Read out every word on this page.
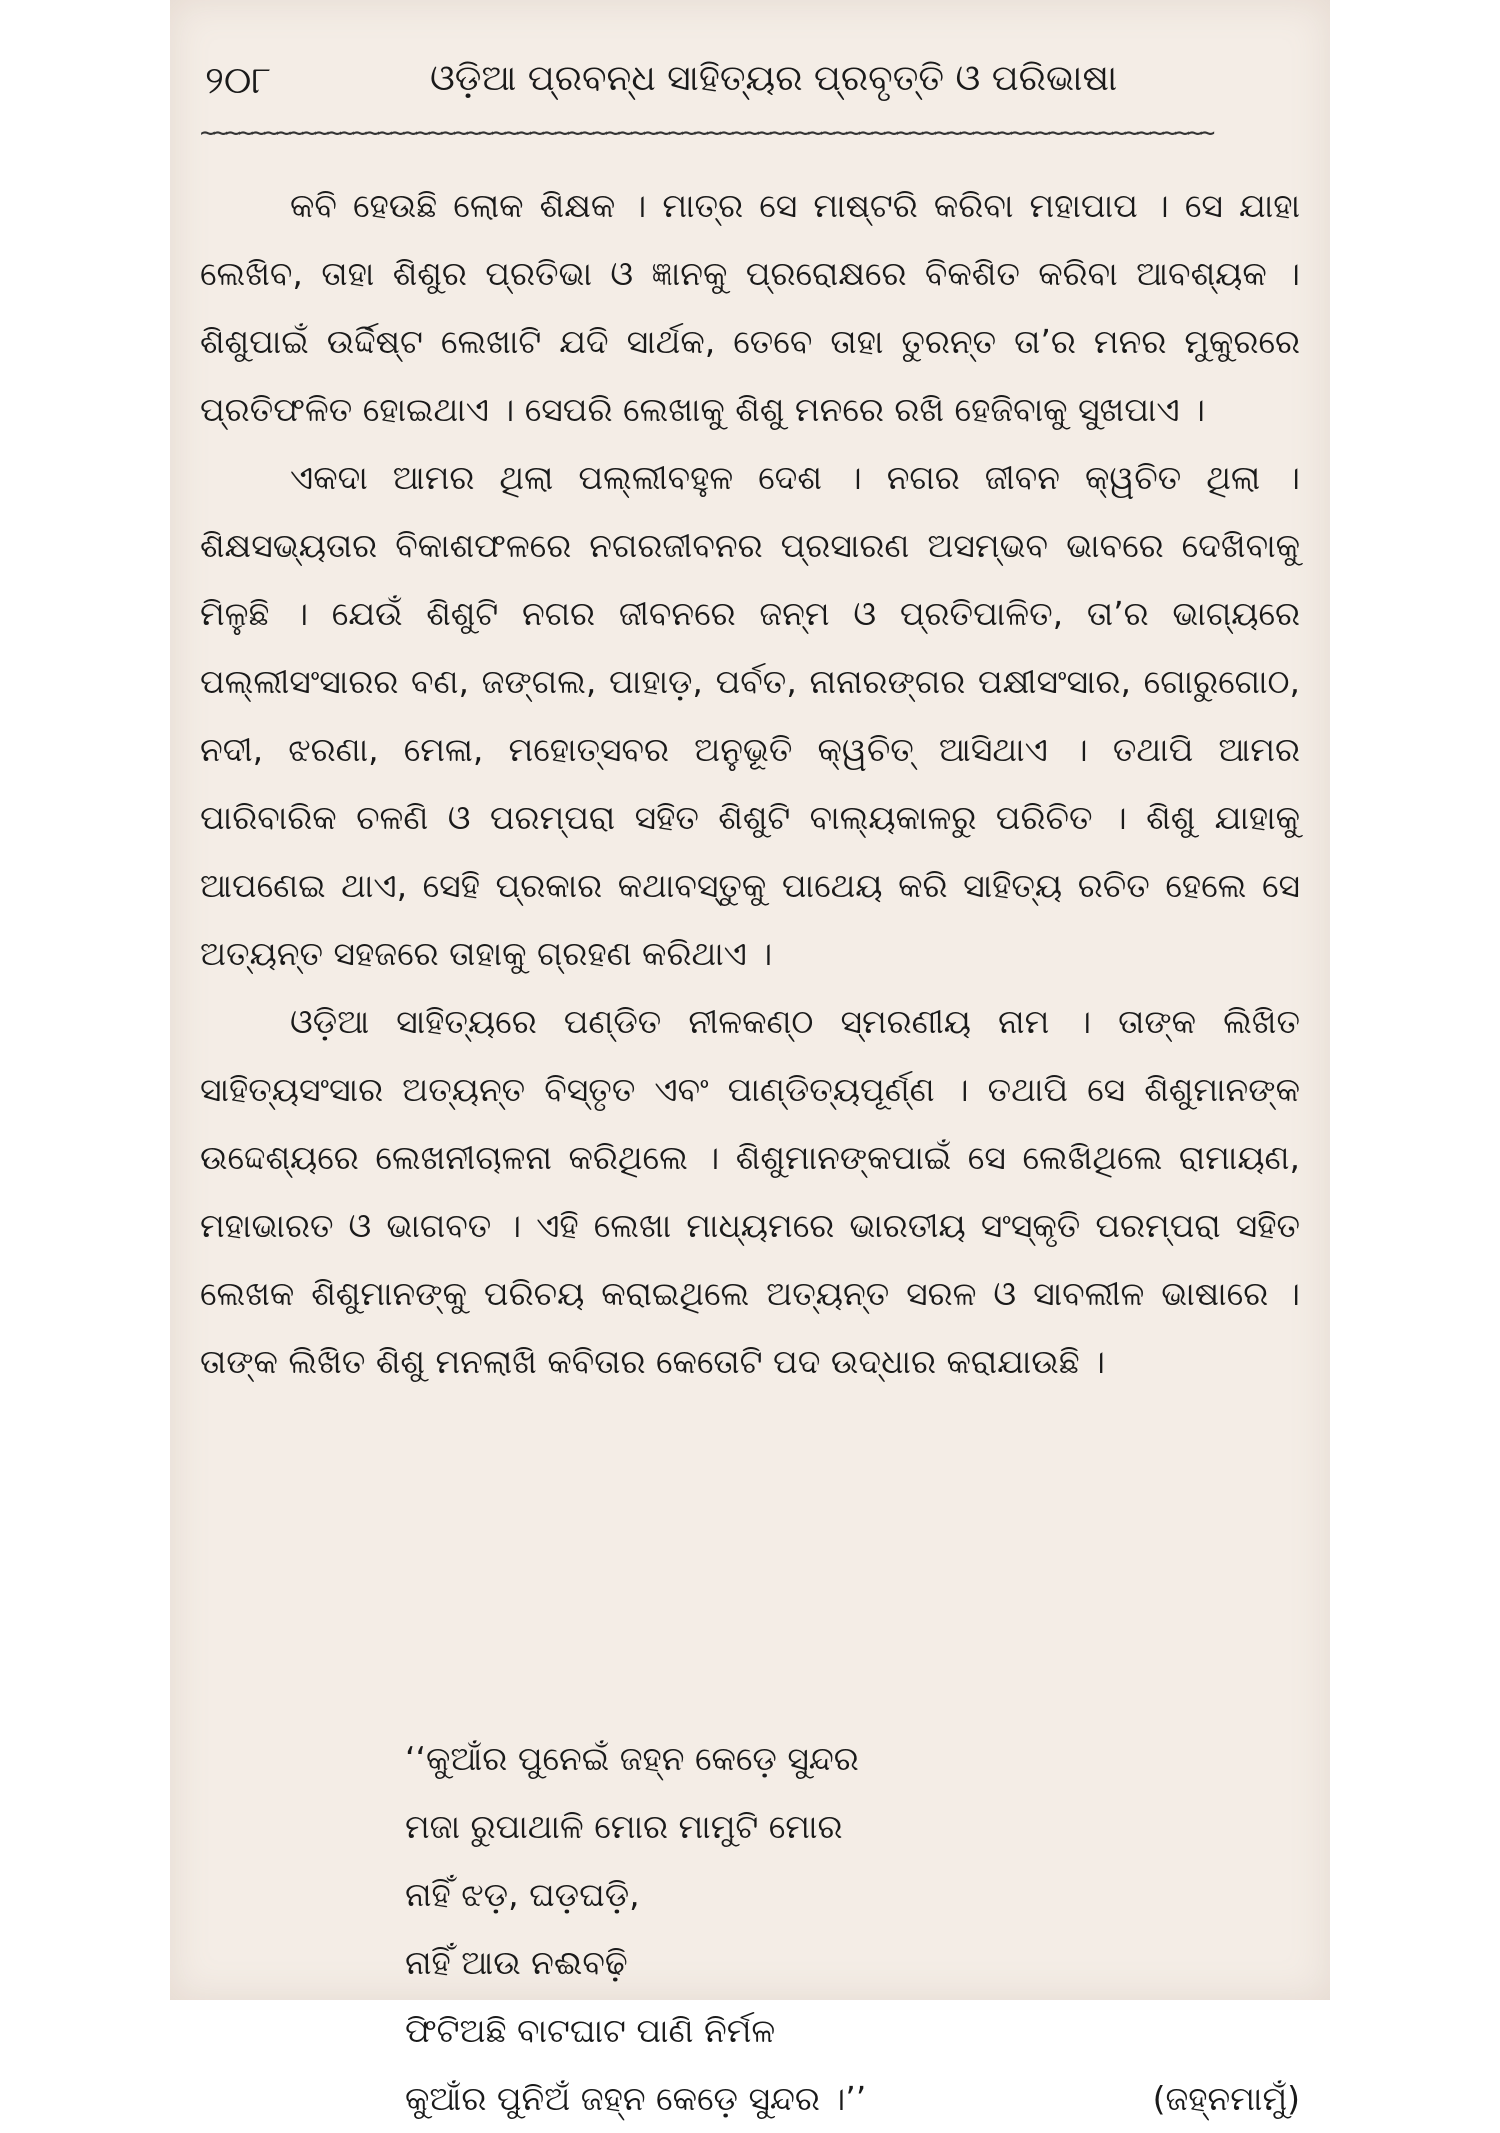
୨୦୮	ଓଡ଼ିଆ ପ୍ରବନ୍ଧ ସାହିତ୍ୟର ପ୍ରବୃତ୍ତି ଓ ପରିଭାଷା
~~~~~~~~~~~~~~~~~~~~~~~~~~~~~~~~~~~~~~~~~~~~~~~~~~~~~~~~~~~~~~~~~~~~~~~~~~~~~~~~

କବି ହେଉଛି ଲୋକ ଶିକ୍ଷକ । ମାତ୍ର ସେ ମାଷ୍ଟରି କରିବା ମହାପାପ । ସେ ଯାହା ଲେଖିବ, ତାହା ଶିଶୁର ପ୍ରତିଭା ଓ ଜ୍ଞାନକୁ ପ୍ରରୋକ୍ଷରେ ବିକଶିତ କରିବା ଆବଶ୍ୟକ । ଶିଶୁପାଇଁ ଉର୍ଦ୍ଦିଷ୍ଟ ଲେଖାଟି ଯଦି ସାର୍ଥକ, ତେବେ ତାହା ତୁରନ୍ତ ତା’ର ମନର ମୁକୁରରେ ପ୍ରତିଫଳିତ ହୋଇଥାଏ । ସେପରି ଲେଖାକୁ ଶିଶୁ ମନରେ ରଖି ହେଜିବାକୁ ସୁଖପାଏ ।

ଏକଦା ଆମର ଥିଲା ପଲ୍ଲୀବହୁଳ ଦେଶ । ନଗର ଜୀବନ କ୍ୱଚିତ ଥିଲା । ଶିକ୍ଷସଭ୍ୟତାର ବିକାଶଫଳରେ ନଗରଜୀବନର ପ୍ରସାରଣ ଅସମ୍ଭବ ଭାବରେ ଦେଖିବାକୁ ମିଳୁଛି । ଯେଉଁ ଶିଶୁଟି ନଗର ଜୀବନରେ ଜନ୍ମ ଓ ପ୍ରତିପାଳିତ, ତା’ର ଭାଗ୍ୟରେ ପଲ୍ଲୀସଂସାରର ବଣ, ଜଙ୍ଗଲ, ପାହାଡ଼, ପର୍ବତ, ନାନାରଙ୍ଗର ପକ୍ଷୀସଂସାର, ଗୋରୁଗୋଠ, ନଦୀ, ଝରଣା, ମେଳା, ମହୋତ୍ସବର ଅନୁଭୂତି କ୍ୱଚିତ୍ ଆସିଥାଏ । ତଥାପି ଆମର ପାରିବାରିକ ଚଳଣି ଓ ପରମ୍ପରା ସହିତ ଶିଶୁଟି ବାଲ୍ୟକାଳରୁ ପରିଚିତ । ଶିଶୁ ଯାହାକୁ ଆପଣେଇ ଥାଏ, ସେହି ପ୍ରକାର କଥାବସ୍ତୁକୁ ପାଥେୟ କରି ସାହିତ୍ୟ ରଚିତ ହେଲେ ସେ ଅତ୍ୟନ୍ତ ସହଜରେ ତାହାକୁ ଗ୍ରହଣ କରିଥାଏ ।

ଓଡ଼ିଆ ସାହିତ୍ୟରେ ପଣ୍ଡିତ ନୀଳକଣ୍ଠ ସ୍ମରଣୀୟ ନାମ । ତାଙ୍କ ଲିଖିତ ସାହିତ୍ୟସଂସାର ଅତ୍ୟନ୍ତ ବିସ୍ତୃତ ଏବଂ ପାଣ୍ଡିତ୍ୟପୂର୍ଣ୍ଣ । ତଥାପି ସେ ଶିଶୁମାନଙ୍କ ଉଦ୍ଦେଶ୍ୟରେ ଲେଖନୀଚାଳନା କରିଥିଲେ । ଶିଶୁମାନଙ୍କପାଇଁ ସେ ଲେଖିଥିଲେ ରାମାୟଣ, ମହାଭାରତ ଓ ଭାଗବତ । ଏହି ଲେଖା ମାଧ୍ୟମରେ ଭାରତୀୟ ସଂସ୍କୃତି ପରମ୍ପରା ସହିତ ଲେଖକ ଶିଶୁମାନଙ୍କୁ ପରିଚୟ କରାଇଥିଲେ ଅତ୍ୟନ୍ତ ସରଳ ଓ ସାବଲୀଳ ଭାଷାରେ । ତାଙ୍କ ଲିଖିତ ଶିଶୁ ମନଲାଖି କବିତାର କେତୋଟି ପଦ ଉଦ୍ଧାର କରାଯାଉଛି ।

‘‘କୁଆଁର ପୁନେଇଁ ଜହ୍ନ କେଡ଼େ ସୁନ୍ଦର
ମଜା ରୁପାଥାଳି ମୋର ମାମୁଟି ମୋର
ନାହିଁ ଝଡ଼, ଘଡ଼ଘଡ଼ି,
ନାହିଁ ଆଉ ନଈବଢ଼ି
ଫିଟିଅଛି ବାଟଘାଟ ପାଣି ନିର୍ମଳ
କୁଆଁର ପୁନିଅଁ ଜହ୍ନ କେଡ଼େ ସୁନ୍ଦର ।’’	(ଜହ୍ନମାମୁଁ)
